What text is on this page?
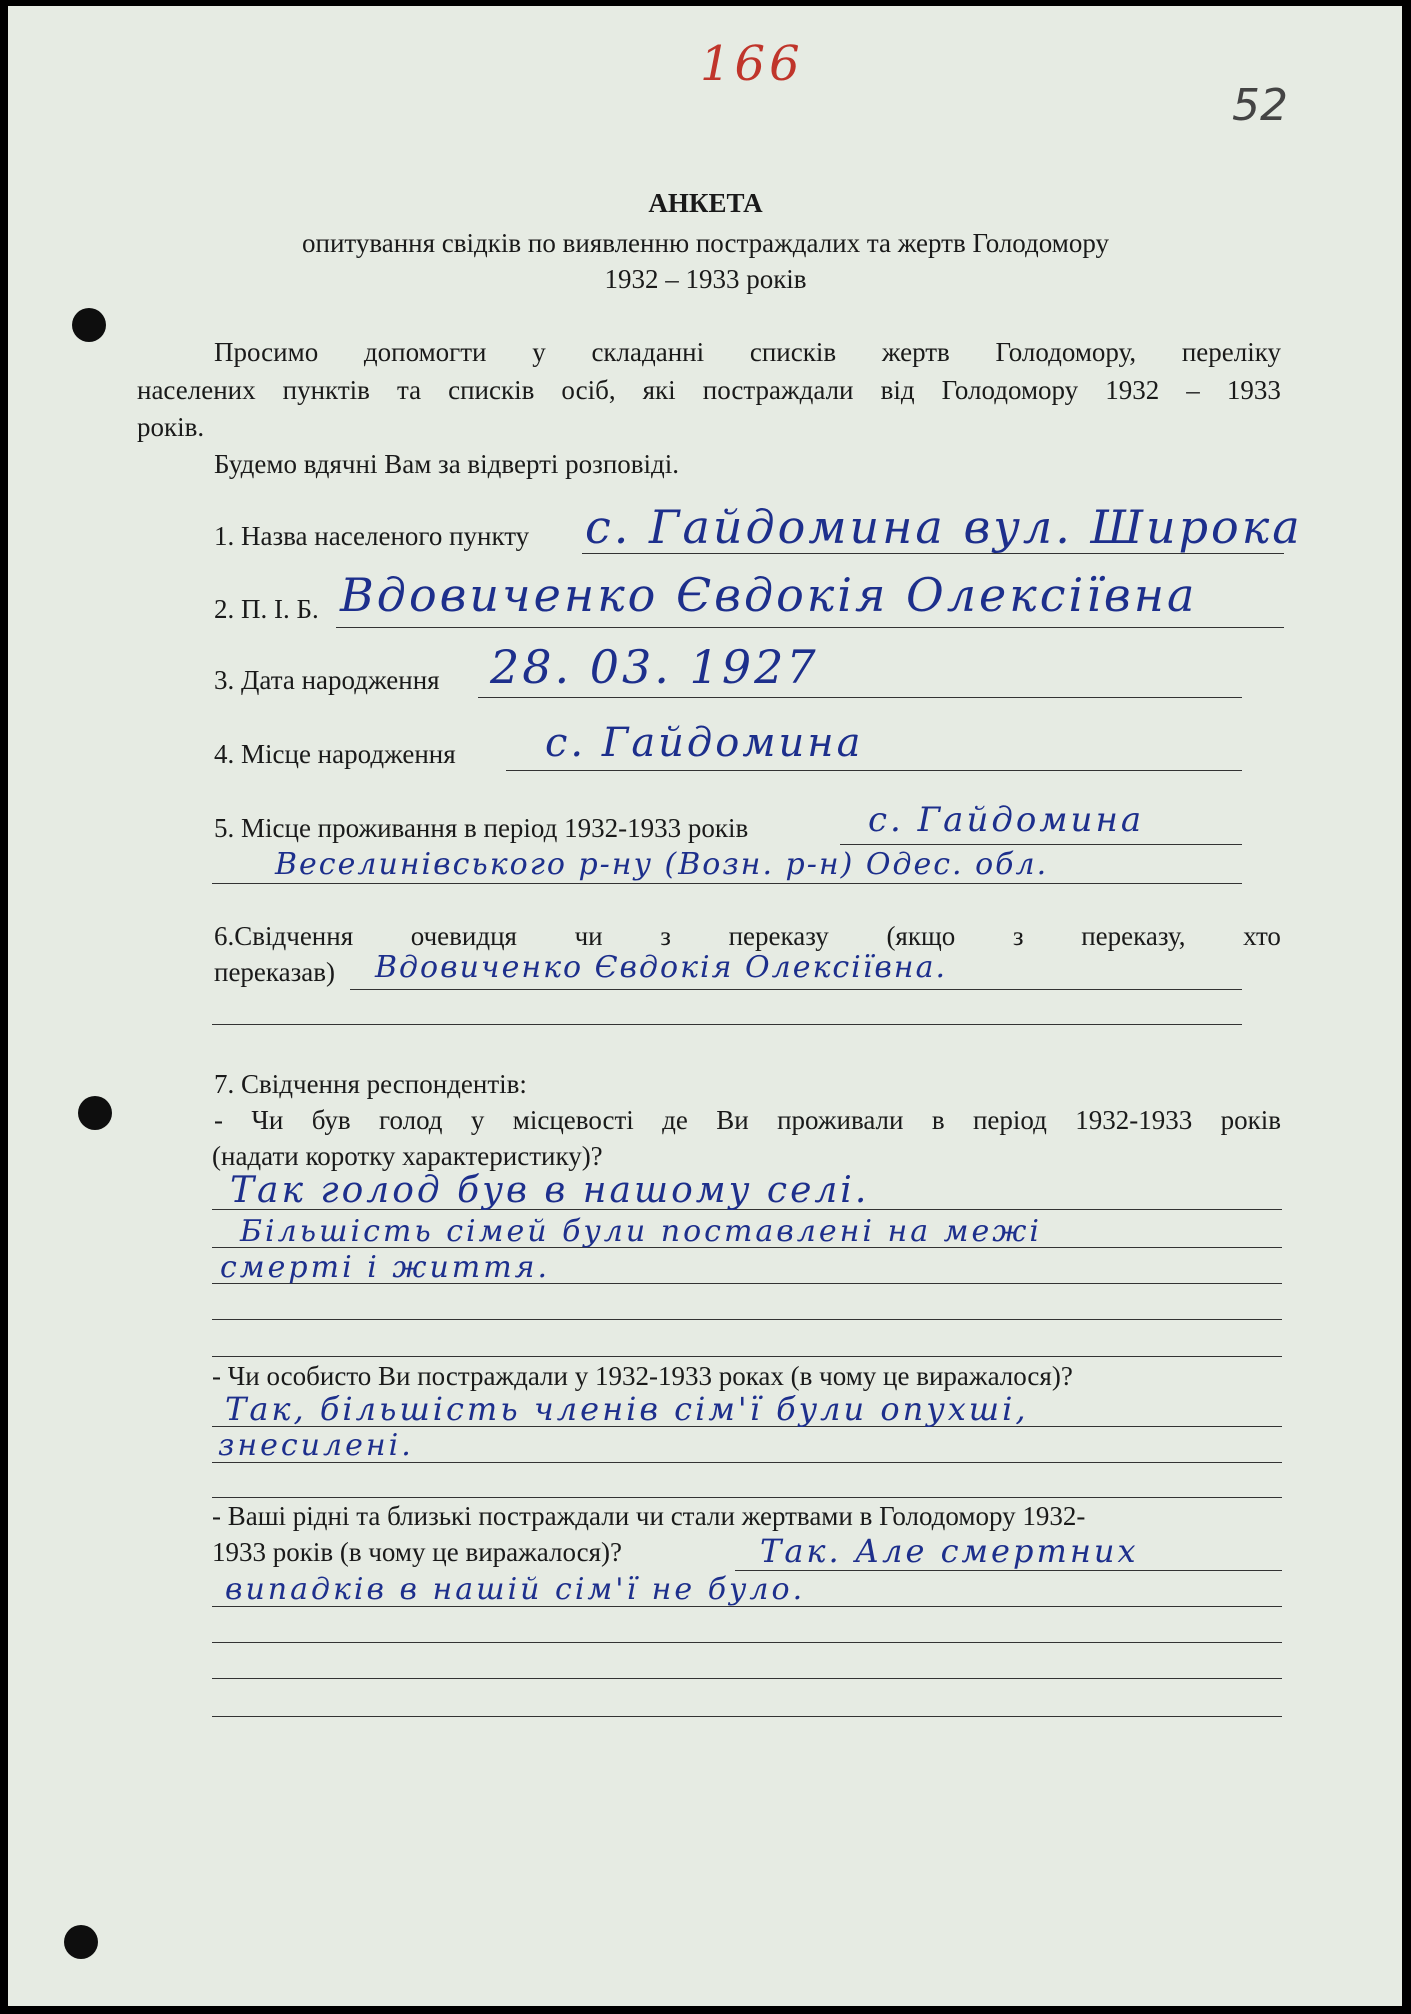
166
52
АНКЕТА
опитування свідків по виявленню постраждалих та жертв Голодомору
1932 – 1933 років
Просимо допомогти у складанні списків жертв Голодомору, переліку
населених пунктів та списків осіб, які постраждали від Голодомору 1932 – 1933
років.
Будемо вдячні Вам за відверті розповіді.
1. Назва населеного пункту с. Гайдомина вул. Широка
2. П. І. Б. Вдовиченко Євдокія Олексіївна
3. Дата народження 28. 03. 1927
4. Місце народження с. Гайдомина
5. Місце проживання в період 1932-1933 років	с. Гайдомина
Веселинівського р-ну (Возн. р-н) Одес. обл.
6.Свідчення очевидця чи з переказу (якщо з переказу, хто
переказав) Вдовиченко Євдокія Олексіївна.
7. Свідчення респондентів:
- Чи був голод у місцевості де Ви проживали в період 1932-1933 років
(надати коротку характеристику)?
Так голод був в нашому селі.
Більшість сімей були поставлені на межі
смерті і життя.
- Чи особисто Ви постраждали у 1932-1933 роках (в чому це виражалося)?
Так, більшість членів сім'ї були опухші,
знесилені.
- Ваші рідні та близькі постраждали чи стали жертвами в Голодомору 1932-
1933 років (в чому це виражалося)?	Так. Але смертних
випадків в нашій сім'ї не було.
